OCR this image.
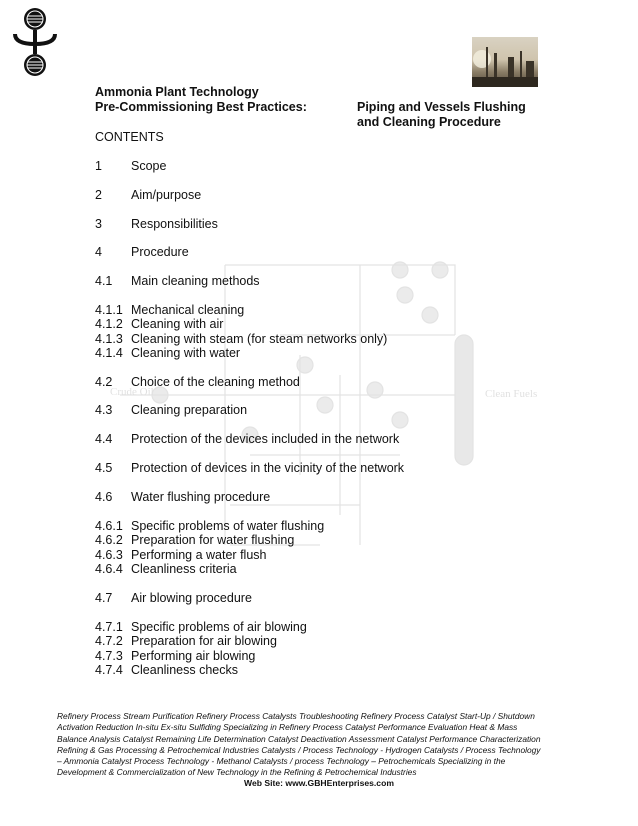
Crude Oil	Clean Fuels
Ammonia Plant Technology
Pre-Commissioning Best Practices:	Piping and Vessels Flushing
and Cleaning Procedure
CONTENTS
1 Scope
2 Aim/purpose
3 Responsibilities
4 Procedure
4.1 Main cleaning methods
4.1.1 Mechanical cleaning
4.1.2 Cleaning with air
4.1.3 Cleaning with steam (for steam networks only)
4.1.4 Cleaning with water
4.2 Choice of the cleaning method
4.3 Cleaning preparation
4.4 Protection of the devices included in the network
4.5 Protection of devices in the vicinity of the network
4.6 Water flushing procedure
4.6.1 Specific problems of water flushing
4.6.2 Preparation for water flushing
4.6.3 Performing a water flush
4.6.4 Cleanliness criteria
4.7 Air blowing procedure
4.7.1 Specific problems of air blowing
4.7.2 Preparation for air blowing
4.7.3 Performing air blowing
4.7.4 Cleanliness checks
Refinery Process Stream Purification Refinery Process Catalysts Troubleshooting Refinery Process Catalyst Start-Up / Shutdown Activation Reduction In-situ Ex-situ Sulfiding Specializing in Refinery Process Catalyst Performance Evaluation Heat & Mass Balance Analysis Catalyst Remaining Life Determination Catalyst Deactivation Assessment Catalyst Performance Characterization Refining & Gas Processing & Petrochemical Industries Catalysts / Process Technology - Hydrogen Catalysts / Process Technology – Ammonia Catalyst Process Technology - Methanol Catalysts / process Technology – Petrochemicals Specializing in the Development & Commercialization of New Technology in the Refining & Petrochemical Industries
Web Site: www.GBHEnterprises.com
